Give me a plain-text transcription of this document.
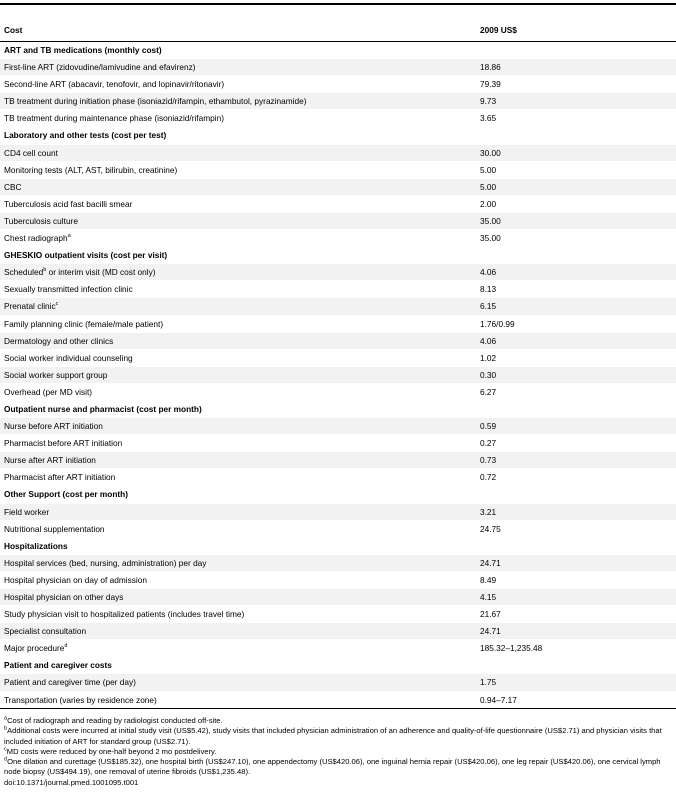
Cost	2009 US$
ART and TB medications (monthly cost)	
First-line ART (zidovudine/lamivudine and efavirenz)	18.86
Second-line ART (abacavir, tenofovir, and lopinavir/ritonavir)	79.39
TB treatment during initiation phase (isoniazid/rifampin, ethambutol, pyrazinamide)	9.73
TB treatment during maintenance phase (isoniazid/rifampin)	3.65
Laboratory and other tests (cost per test)	
CD4 cell count	30.00
Monitoring tests (ALT, AST, bilirubin, creatinine)	5.00
CBC	5.00
Tuberculosis acid fast bacilli smear	2.00
Tuberculosis culture	35.00
Chest radiograph$^a$	35.00
GHESKIO outpatient visits (cost per visit)	
Scheduled$^b$ or interim visit (MD cost only)	4.06
Sexually transmitted infection clinic	8.13
Prenatal clinic$^c$	6.15
Family planning clinic (female/male patient)	1.76/0.99
Dermatology and other clinics	4.06
Social worker individual counseling	1.02
Social worker support group	0.30
Overhead (per MD visit)	6.27
Outpatient nurse and pharmacist (cost per month)	
Nurse before ART initiation	0.59
Pharmacist before ART initiation	0.27
Nurse after ART initiation	0.73
Pharmacist after ART initiation	0.72
Other Support (cost per month)	
Field worker	3.21
Nutritional supplementation	24.75
Hospitalizations	
Hospital services (bed, nursing, administration) per day	24.71
Hospital physician on day of admission	8.49
Hospital physician on other days	4.15
Study physician visit to hospitalized patients (includes travel time)	21.67
Specialist consultation	24.71
Major procedure$^d$	185.32–1,235.48
Patient and caregiver costs	
Patient and caregiver time (per day)	1.75
Transportation (varies by residence zone)	0.94–7.17

$^a$Cost of radiograph and reading by radiologist conducted off-site.

$^b$Additional costs were incurred at initial study visit (US$5.42), study visits that included physician administration of an adherence and quality-of-life questionnaire (US$2.71) and physician visits that included initiation of ART for standard group (US$2.71).

$^c$MD costs were reduced by one-half beyond 2 mo postdelivery.

$^d$One dilation and curettage (US$185.32), one hospital birth (US$247.10), one appendectomy (US$420.06), one inguinal hernia repair (US$420.06), one leg repair (US$420.06), one cervical lymph node biopsy (US$494.19), one removal of uterine fibroids (US$1,235.48).

doi:10.1371/journal.pmed.1001095.t001
